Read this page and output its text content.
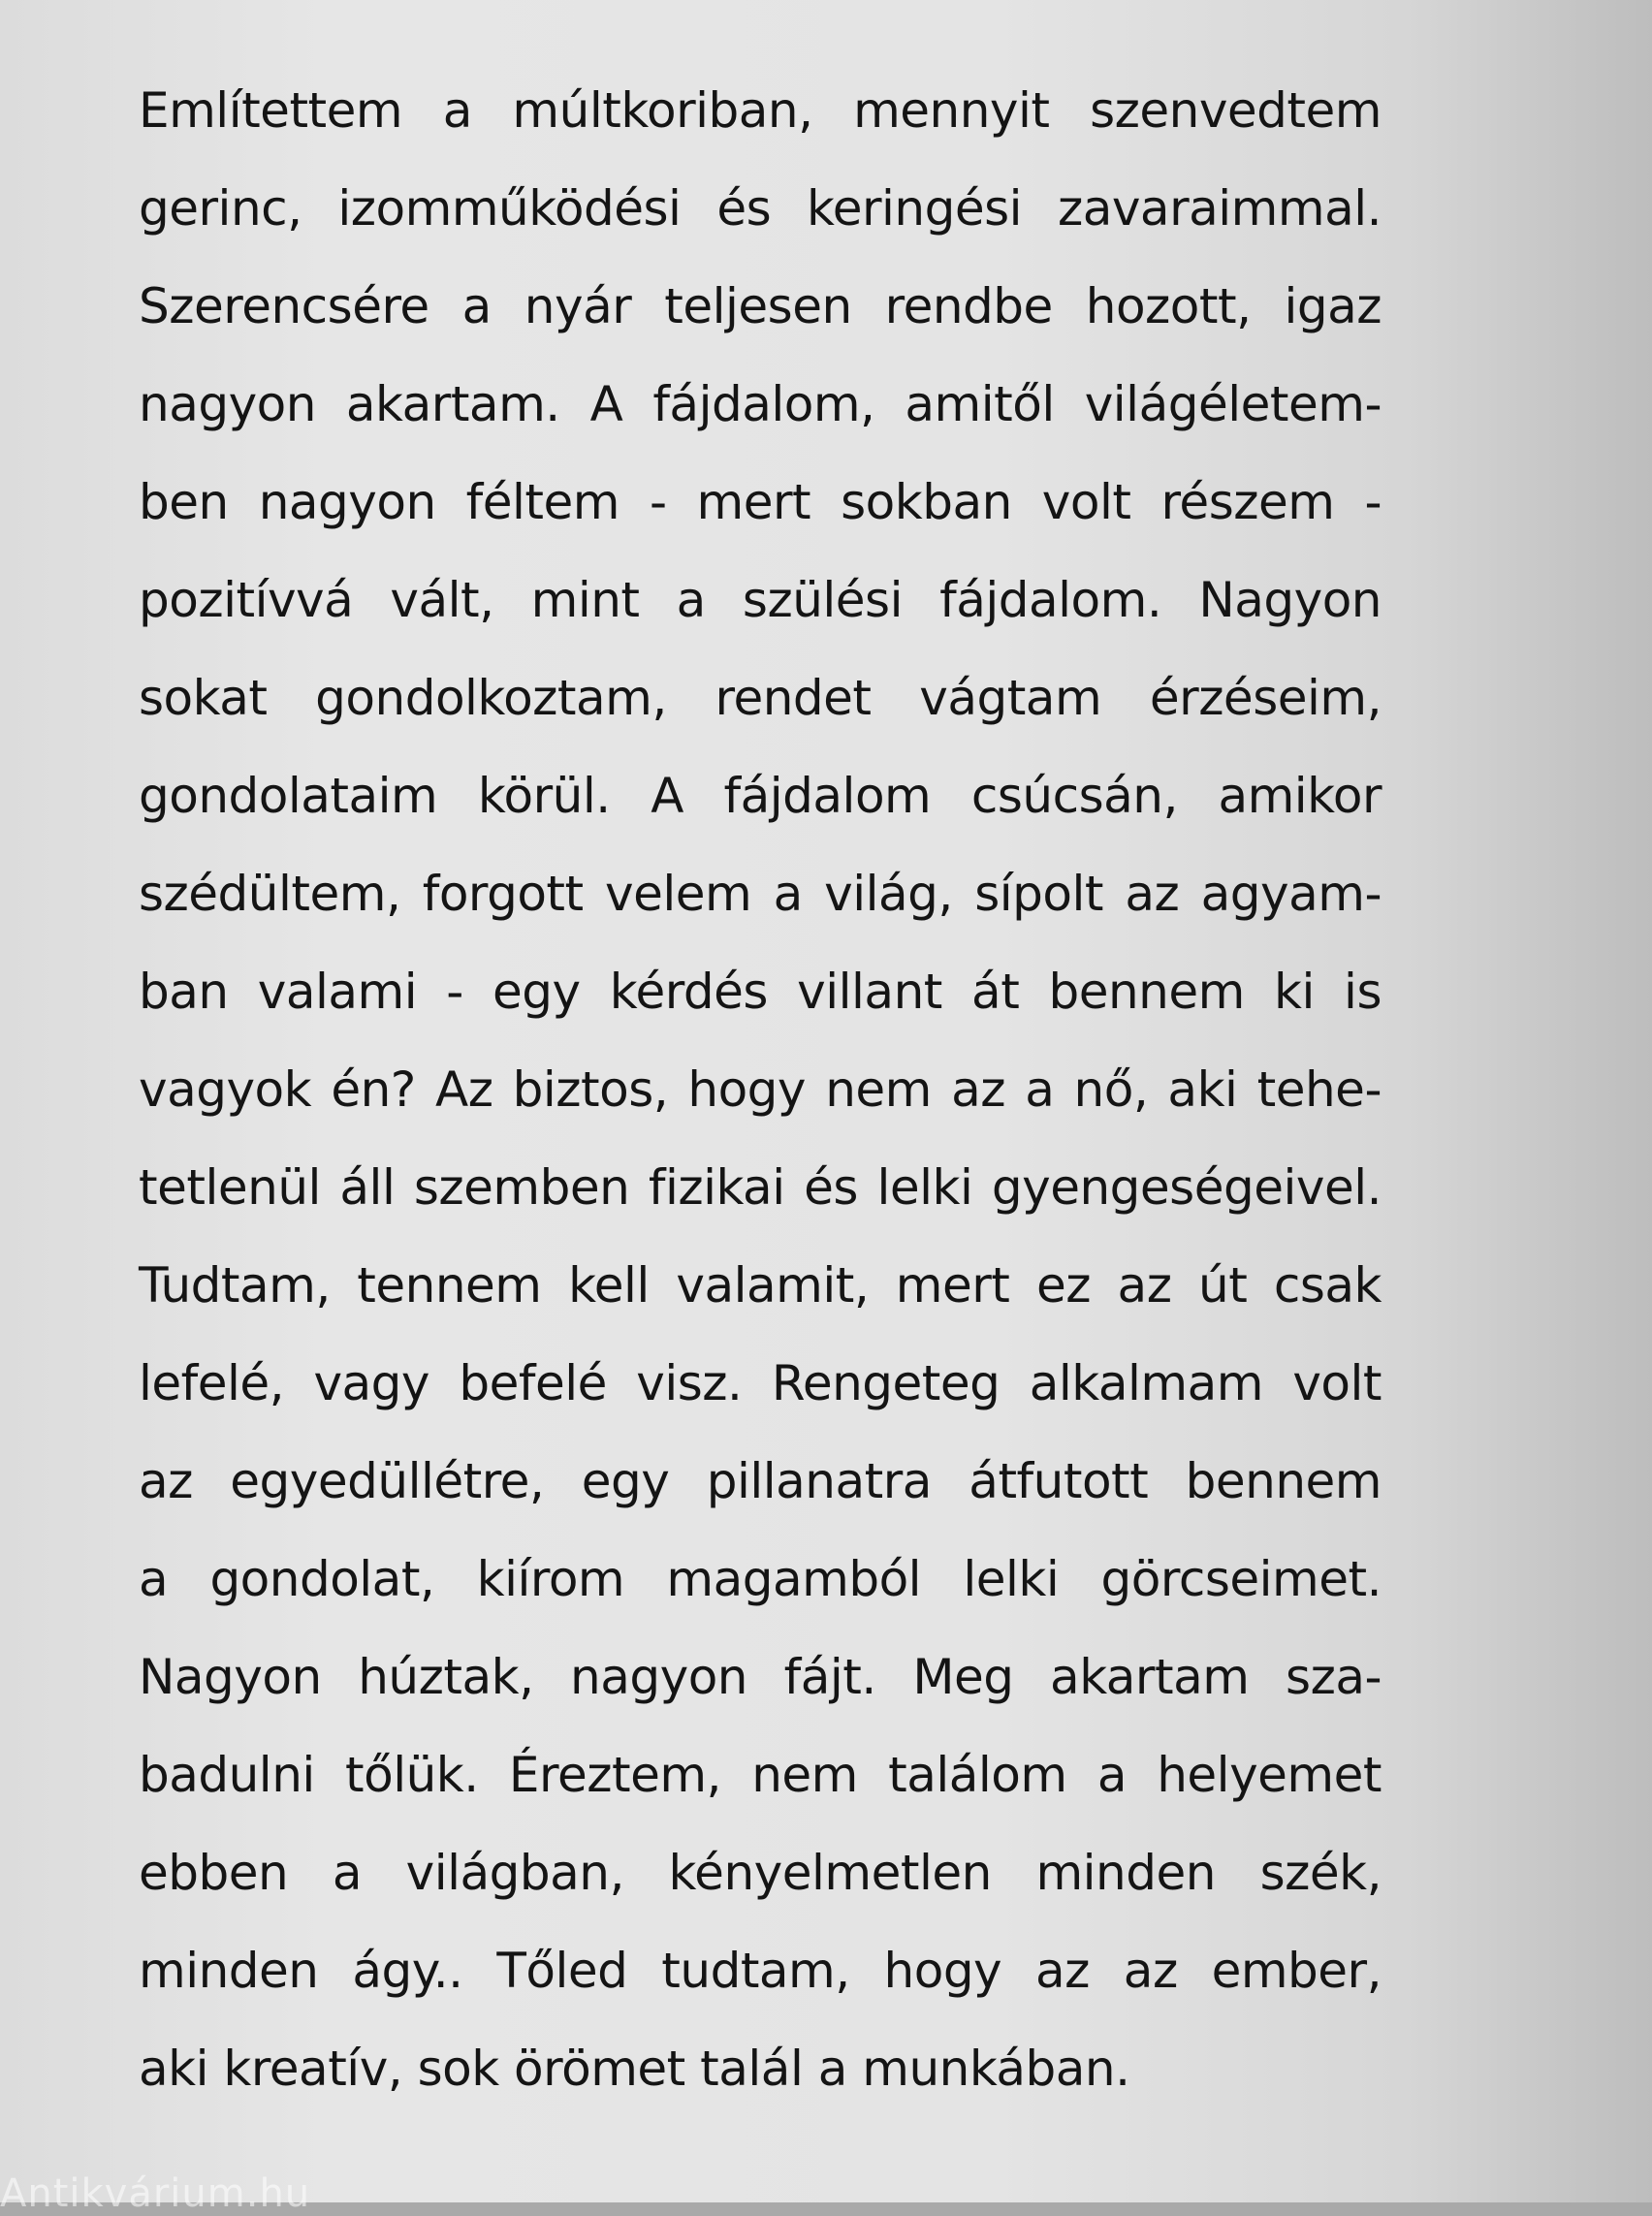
Említettem a múltkoriban, mennyit szenvedtem
gerinc, izomműködési és keringési zavaraimmal.
Szerencsére a nyár teljesen rendbe hozott, igaz
nagyon akartam. A fájdalom, amitől világéletem-
ben nagyon féltem - mert sokban volt részem -
pozitívvá vált, mint a szülési fájdalom. Nagyon
sokat gondolkoztam, rendet vágtam érzéseim,
gondolataim körül. A fájdalom csúcsán, amikor
szédültem, forgott velem a világ, sípolt az agyam-
ban valami - egy kérdés villant át bennem ki is
vagyok én? Az biztos, hogy nem az a nő, aki tehe-
tetlenül áll szemben fizikai és lelki gyengeségeivel.
Tudtam, tennem kell valamit, mert ez az út csak
lefelé, vagy befelé visz. Rengeteg alkalmam volt
az egyedüllétre, egy pillanatra átfutott bennem
a gondolat, kiírom magamból lelki görcseimet.
Nagyon húztak, nagyon fájt. Meg akartam sza-
badulni tőlük. Éreztem, nem találom a helyemet
ebben a világban, kényelmetlen minden szék,
minden ágy.. Tőled tudtam, hogy az az ember,
aki kreatív, sok örömet talál a munkában.

Antikvárium.hu
